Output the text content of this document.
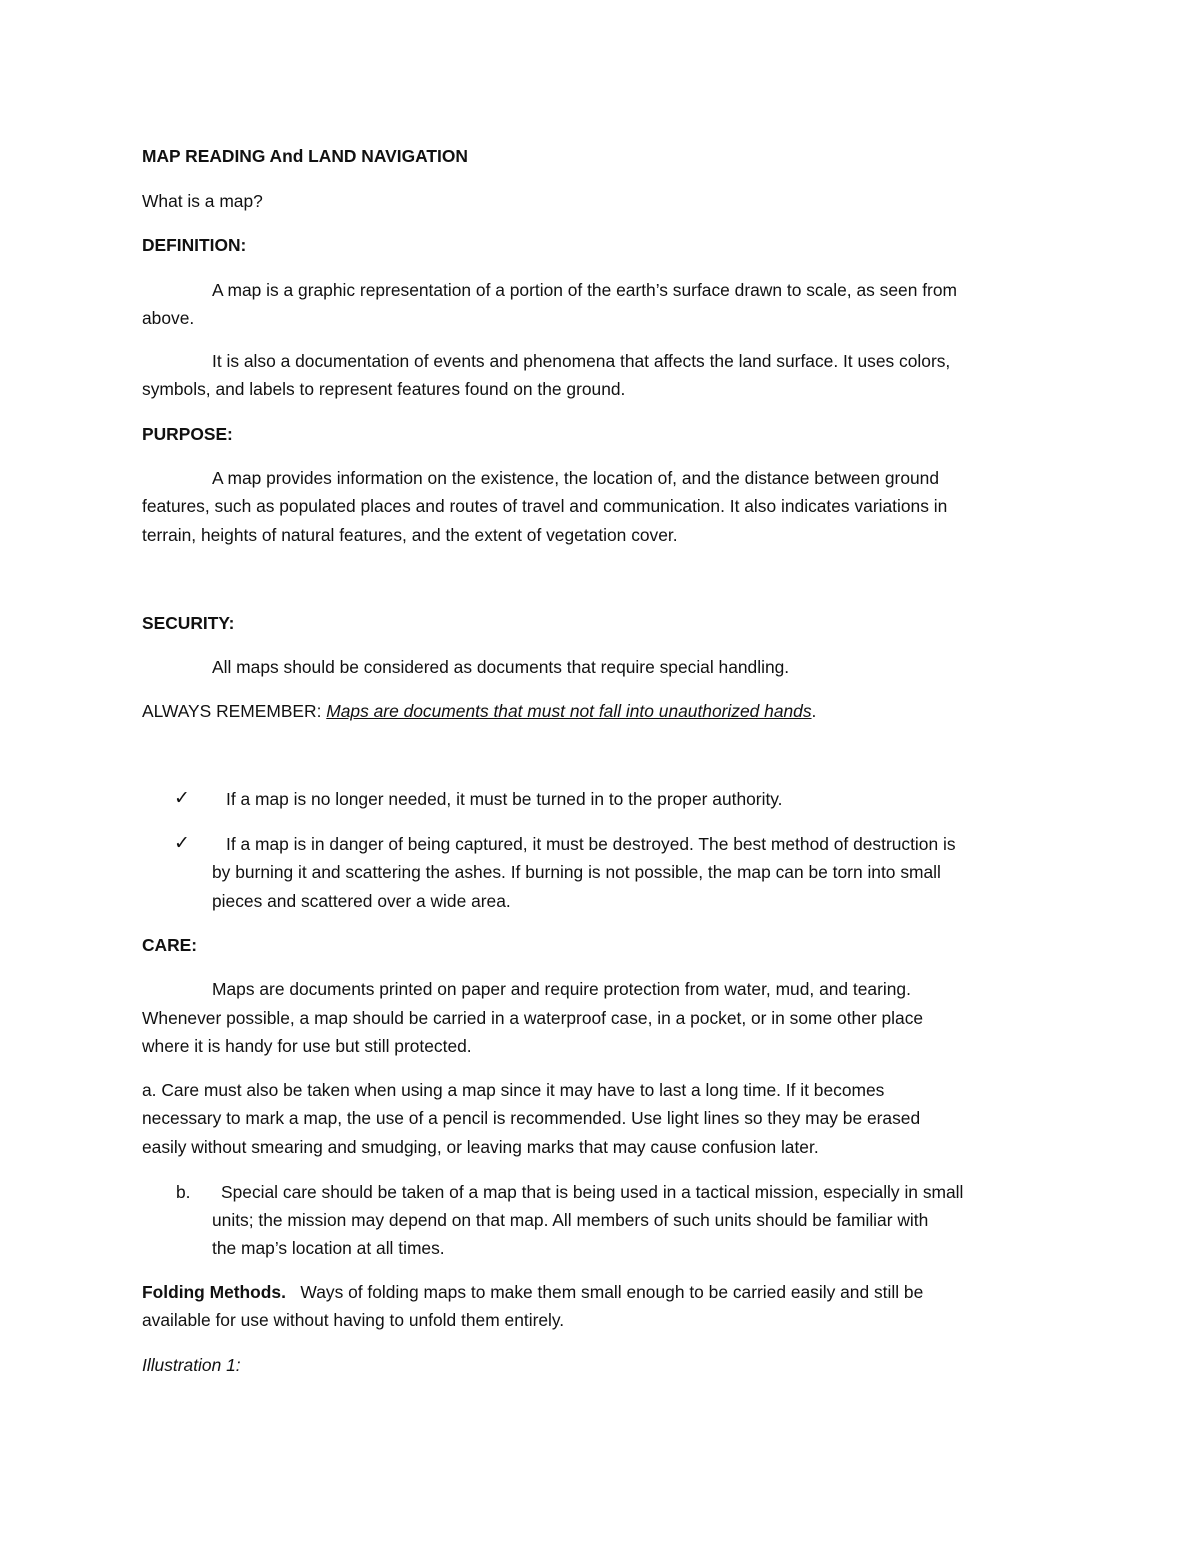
MAP READING And LAND NAVIGATION
What is a map?
DEFINITION:
A map is a graphic representation of a portion of the earth’s surface drawn to scale, as seen from
above.
It is also a documentation of events and phenomena that affects the land surface. It uses colors,
symbols, and labels to represent features found on the ground.
PURPOSE:
A map provides information on the existence, the location of, and the distance between ground
features, such as populated places and routes of travel and communication. It also indicates variations in
terrain, heights of natural features, and the extent of vegetation cover.
SECURITY:
All maps should be considered as documents that require special handling.
ALWAYS REMEMBER: Maps are documents that must not fall into unauthorized hands.
✓ If a map is no longer needed, it must be turned in to the proper authority.
✓ If a map is in danger of being captured, it must be destroyed. The best method of destruction is
by burning it and scattering the ashes. If burning is not possible, the map can be torn into small
pieces and scattered over a wide area.
CARE:
Maps are documents printed on paper and require protection from water, mud, and tearing.
Whenever possible, a map should be carried in a waterproof case, in a pocket, or in some other place
where it is handy for use but still protected.
a. Care must also be taken when using a map since it may have to last a long time. If it becomes
necessary to mark a map, the use of a pencil is recommended. Use light lines so they may be erased
easily without smearing and smudging, or leaving marks that may cause confusion later.
b. Special care should be taken of a map that is being used in a tactical mission, especially in small
units; the mission may depend on that map. All members of such units should be familiar with
the map’s location at all times.
Folding Methods.   Ways of folding maps to make them small enough to be carried easily and still be
available for use without having to unfold them entirely.
Illustration 1:
